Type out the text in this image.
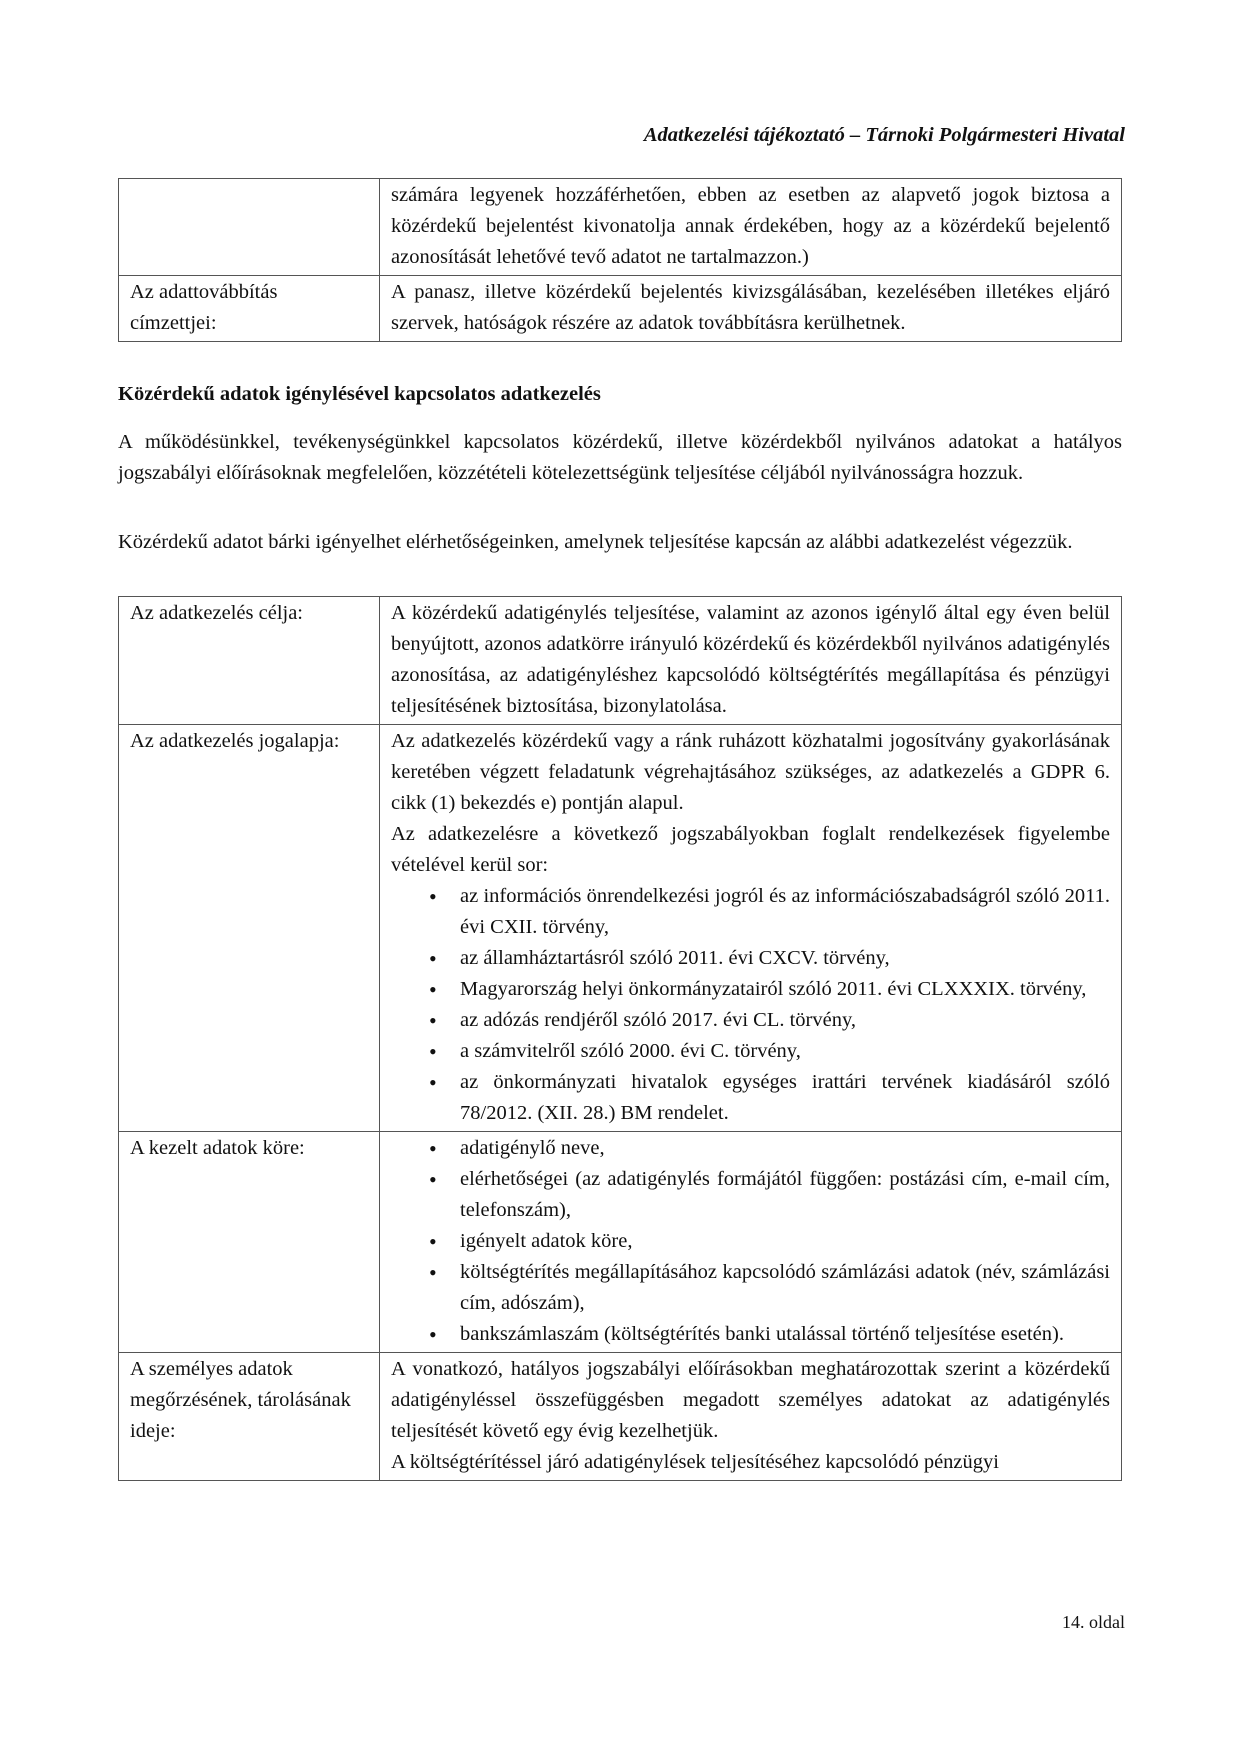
Adatkezelési tájékoztató – Tárnoki Polgármesteri Hivatal
	számára legyenek hozzáférhetően, ebben az esetben az alapvető jogok biztosa a közérdekű bejelentést kivonatolja annak érdekében, hogy az a közérdekű bejelentő azonosítását lehetővé tevő adatot ne tartalmazzon.)
Az adattovábbítás címzettjei:	A panasz, illetve közérdekű bejelentés kivizsgálásában, kezelésében illetékes eljáró szervek, hatóságok részére az adatok továbbításra kerülhetnek.
Közérdekű adatok igénylésével kapcsolatos adatkezelés
A működésünkkel, tevékenységünkkel kapcsolatos közérdekű, illetve közérdekből nyilvános adatokat a hatályos jogszabályi előírásoknak megfelelően, közzétételi kötelezettségünk teljesítése céljából nyilvánosságra hozzuk.
Közérdekű adatot bárki igényelhet elérhetőségeinken, amelynek teljesítése kapcsán az alábbi adatkezelést végezzük.
Az adatkezelés célja:	A közérdekű adatigénylés teljesítése, valamint az azonos igénylő által egy éven belül benyújtott, azonos adatkörre irányuló közérdekű és közérdekből nyilvános adatigénylés azonosítása, az adatigényléshez kapcsolódó költségtérítés megállapítása és pénzügyi teljesítésének biztosítása, bizonylatolása.
Az adatkezelés jogalapja:	Az adatkezelés közérdekű vagy a ránk ruházott közhatalmi jogosítvány gyakorlásának keretében végzett feladatunk végrehajtásához szükséges, az adatkezelés a GDPR 6. cikk (1) bekezdés e) pontján alapul.

Az adatkezelésre a következő jogszabályokban foglalt rendelkezések figyelembe vételével kerül sor:

• az információs önrendelkezési jogról és az információszabadságról szóló 2011. évi CXII. törvény,
• az államháztartásról szóló 2011. évi CXCV. törvény,
• Magyarország helyi önkormányzatairól szóló 2011. évi CLXXXIX. törvény,
• az adózás rendjéről szóló 2017. évi CL. törvény,
• a számvitelről szóló 2000. évi C. törvény,
• az önkormányzati hivatalok egységes irattári tervének kiadásáról szóló 78/2012. (XII. 28.) BM rendelet.

A kezelt adatok köre:	
•adatigénylő neve,
• elérhetőségei (az adatigénylés formájától függően: postázási cím, e-mail cím, telefonszám),
• igényelt adatok köre,
• költségtérítés megállapításához kapcsolódó számlázási adatok (név, számlázási cím, adószám),
• bankszámlaszám (költségtérítés banki utalással történő teljesítése esetén).

A személyes adatok megőrzésének, tárolásának ideje:	A vonatkozó, hatályos jogszabályi előírásokban meghatározottak szerint a közérdekű adatigényléssel összefüggésben megadott személyes adatokat az adatigénylés teljesítését követő egy évig kezelhetjük.

A költségtérítéssel járó adatigénylések teljesítéséhez kapcsolódó pénzügyi

14. oldal
